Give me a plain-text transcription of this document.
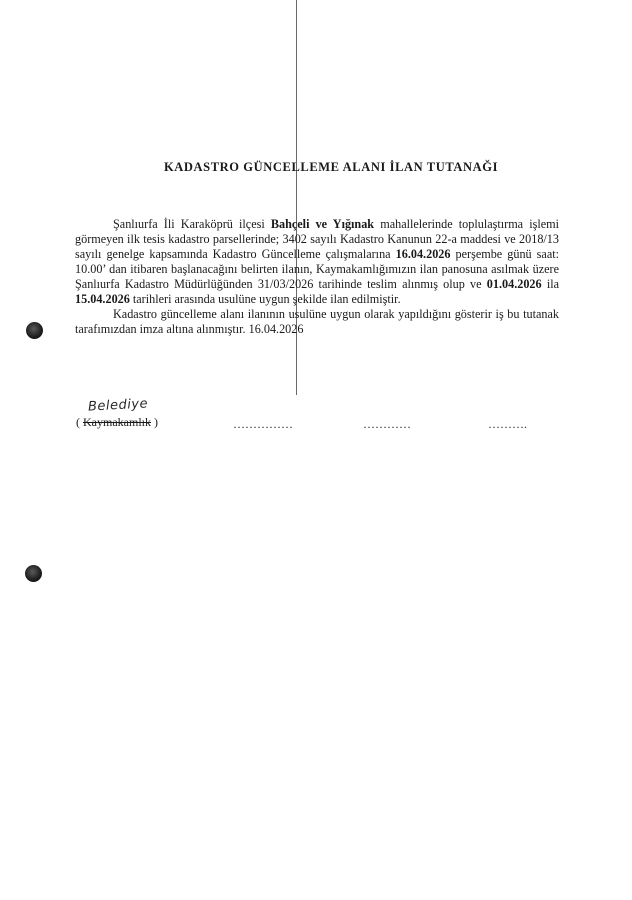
KADASTRO GÜNCELLEME ALANI İLAN TUTANAĞI

Şanlıurfa İli Karaköprü ilçesi Bahçeli ve Yığınak mahallelerinde toplulaştırma işlemi görmeyen ilk tesis kadastro parsellerinde; 3402 sayılı Kadastro Kanunun 22-a maddesi ve 2018/13 sayılı genelge kapsamında Kadastro Güncelleme çalışmalarına 16.04.2026 perşembe günü saat: 10.00’ dan itibaren başlanacağını belirten ilanın, Kaymakamlığımızın ilan panosuna asılmak üzere Şanlıurfa Kadastro Müdürlüğünden 31/03/2026 tarihinde teslim alınmış olup ve 01.04.2026 ila 15.04.2026 tarihleri arasında usulüne uygun şekilde ilan edilmiştir.

Kadastro güncelleme alanı ilanının usulüne uygun olarak yapıldığını gösterir iş bu tutanak tarafımızdan imza altına alınmıştır. 16.04.2026

Belediye
( Kaymakamlık )	……………	…………	……….
